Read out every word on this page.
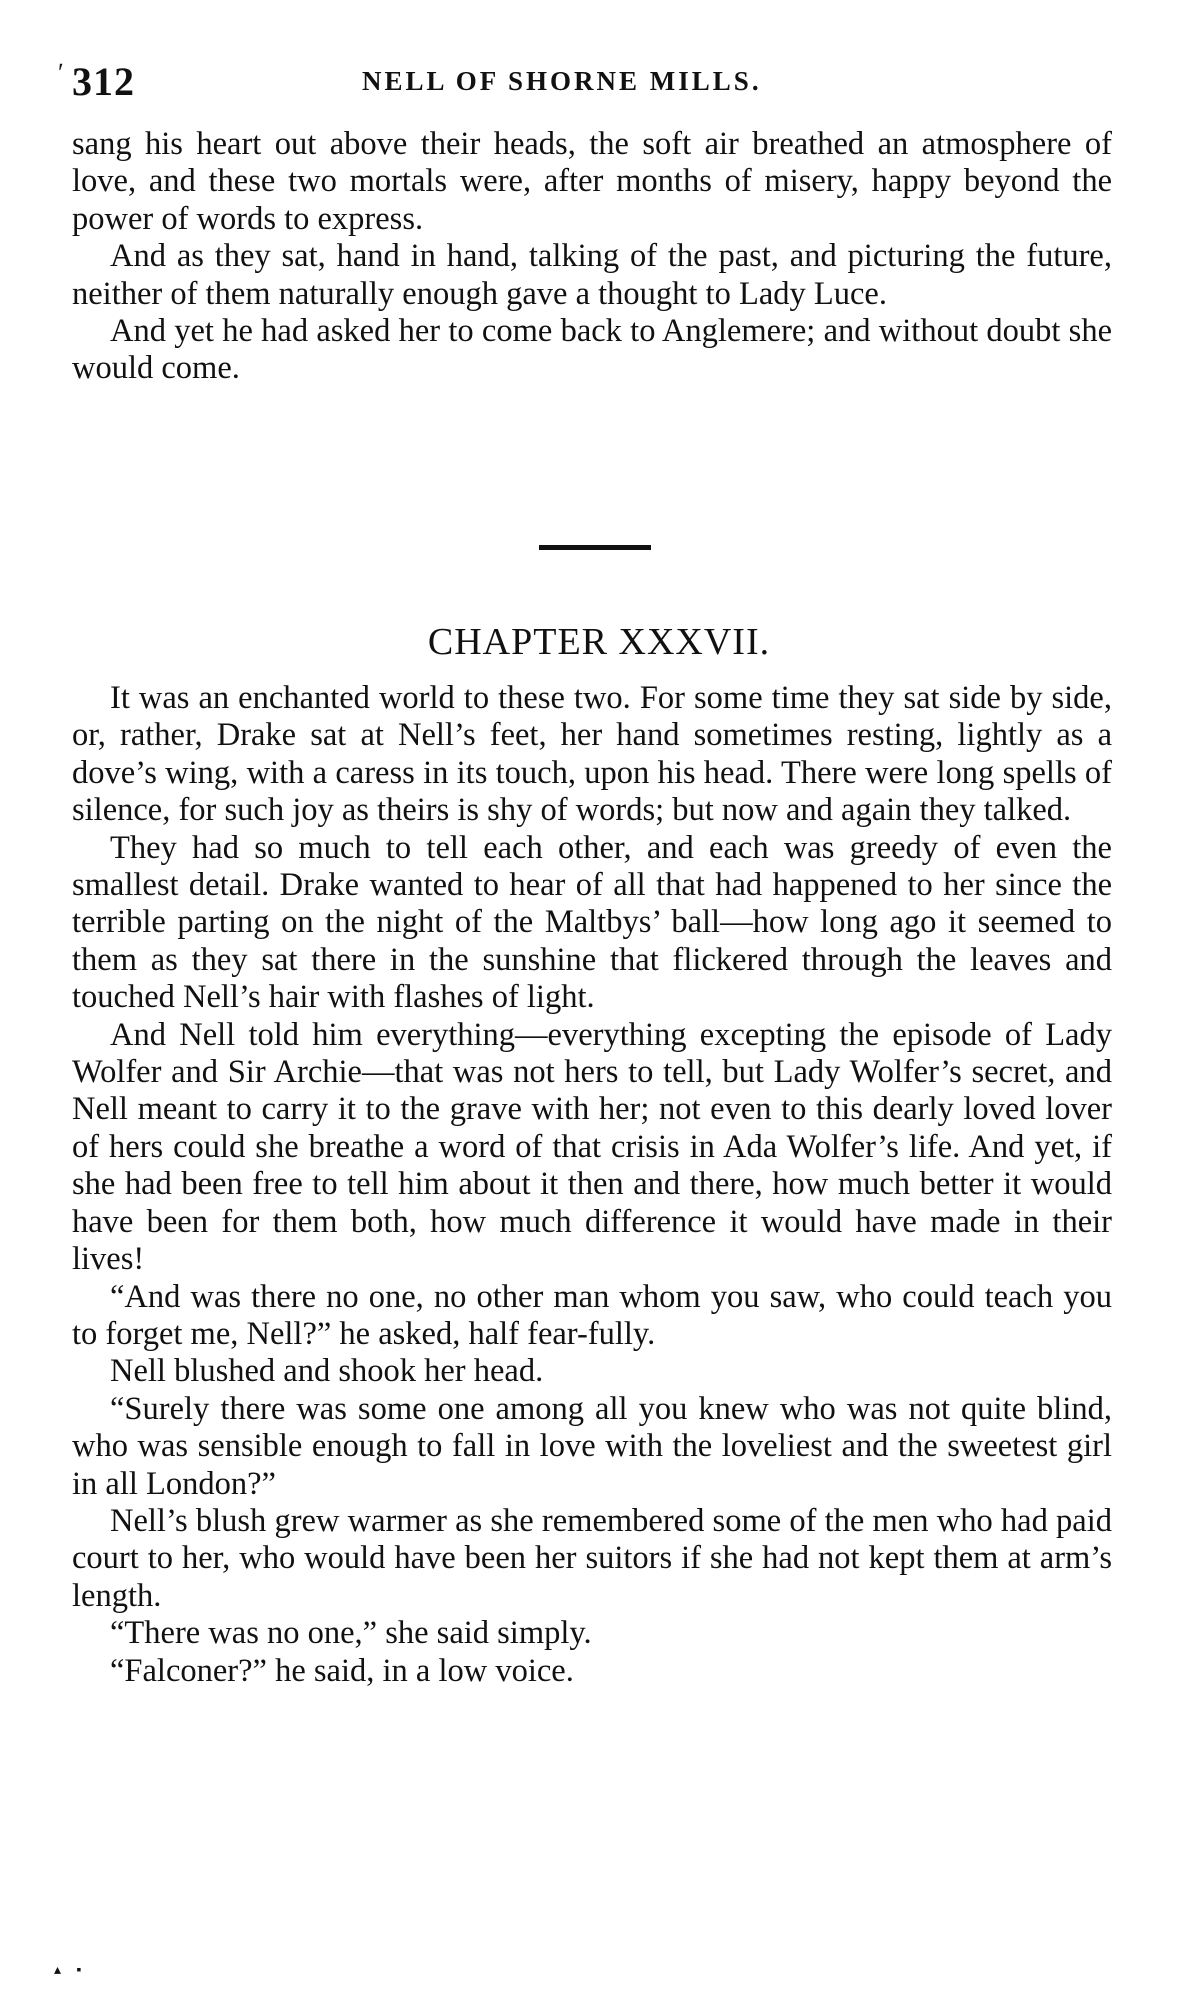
ʹ 312	NELL OF SHORNE MILLS.

sang his heart out above their heads, the soft air breathed an atmosphere of love, and these two mortals were, after months of misery, happy beyond the power of words to express.

And as they sat, hand in hand, talking of the past, and picturing the future, neither of them naturally enough gave a thought to Lady Luce.

And yet he had asked her to come back to Anglemere; and without doubt she would come.

CHAPTER XXXVII.

It was an enchanted world to these two. For some time they sat side by side, or, rather, Drake sat at Nell’s feet, her hand sometimes resting, lightly as a dove’s wing, with a caress in its touch, upon his head. There were long spells of silence, for such joy as theirs is shy of words; but now and again they talked.

They had so much to tell each other, and each was greedy of even the smallest detail. Drake wanted to hear of all that had happened to her since the terrible parting on the night of the Maltbys’ ball—how long ago it seemed to them as they sat there in the sunshine that flickered through the leaves and touched Nell’s hair with flashes of light.

And Nell told him everything—everything excepting the episode of Lady Wolfer and Sir Archie—that was not hers to tell, but Lady Wolfer’s secret, and Nell meant to carry it to the grave with her; not even to this dearly loved lover of hers could she breathe a word of that crisis in Ada Wolfer’s life. And yet, if she had been free to tell him about it then and there, how much better it would have been for them both, how much difference it would have made in their lives!

“And was there no one, no other man whom you saw, who could teach you to forget me, Nell?” he asked, half fear-fully.

Nell blushed and shook her head.

“Surely there was some one among all you knew who was not quite blind, who was sensible enough to fall in love with the loveliest and the sweetest girl in all London?”

Nell’s blush grew warmer as she remembered some of the men who had paid court to her, who would have been her suitors if she had not kept them at arm’s length.

“There was no one,” she said simply.

“Falconer?” he said, in a low voice.

▴ ▪
